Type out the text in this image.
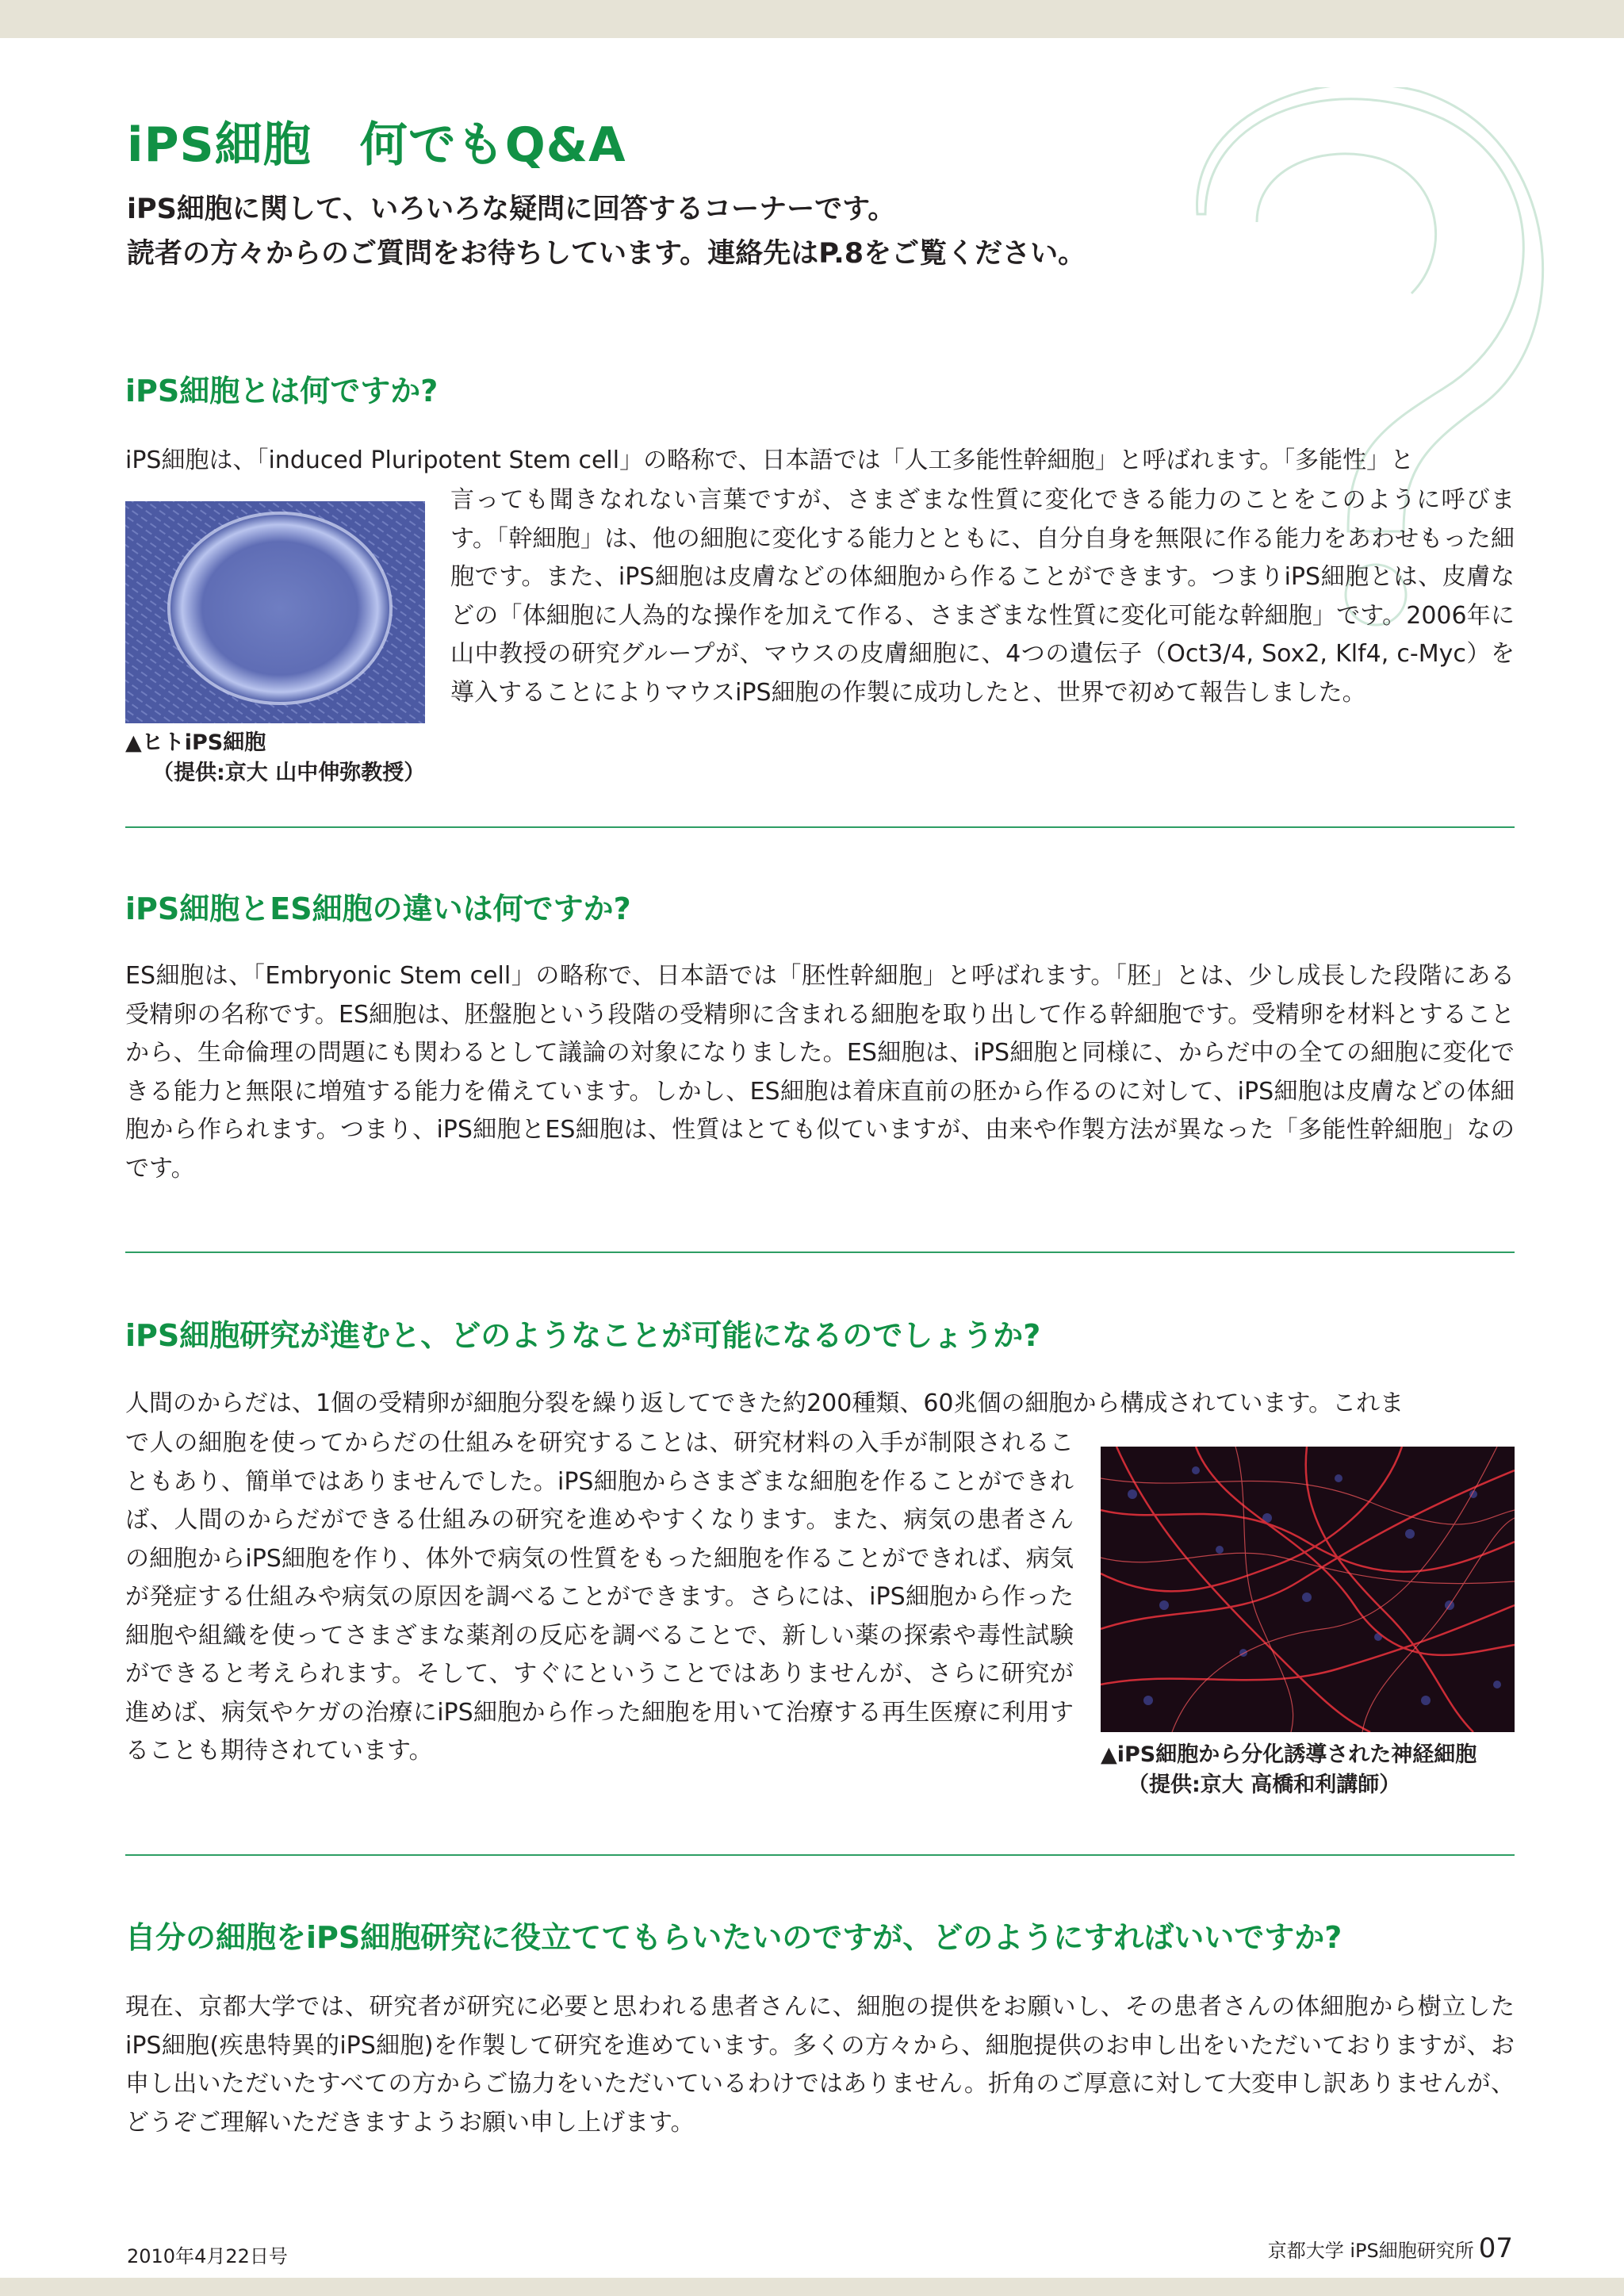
iPS細胞　何でもQ&A

iPS細胞に関して、いろいろな疑問に回答するコーナーです。

読者の方々からのご質問をお待ちしています。連絡先はP.8をご覧ください。

iPS細胞とは何ですか?

iPS細胞は、「induced Pluripotent Stem cell」の略称で、日本語では「人工多能性幹細胞」と呼ばれます。「多能性」と

言っても聞きなれない言葉ですが、さまざまな性質に変化できる能力のことをこのように呼びます。「幹細胞」は、他の細胞に変化する能力とともに、自分自身を無限に作る能力をあわせもった細胞です。また、iPS細胞は皮膚などの体細胞から作ることができます。つまりiPS細胞とは、皮膚などの「体細胞に人為的な操作を加えて作る、さまざまな性質に変化可能な幹細胞」です。2006年に山中教授の研究グループが、マウスの皮膚細胞に、4つの遺伝子（Oct3/4, Sox2, Klf4, c-Myc）を導入することによりマウスiPS細胞の作製に成功したと、世界で初めて報告しました。

▲ヒトiPS細胞
（提供:京大 山中伸弥教授）
iPS細胞とES細胞の違いは何ですか?

ES細胞は、「Embryonic Stem cell」の略称で、日本語では「胚性幹細胞」と呼ばれます。「胚」とは、少し成長した段階にある受精卵の名称です。ES細胞は、胚盤胞という段階の受精卵に含まれる細胞を取り出して作る幹細胞です。受精卵を材料とすることから、生命倫理の問題にも関わるとして議論の対象になりました。ES細胞は、iPS細胞と同様に、からだ中の全ての細胞に変化できる能力と無限に増殖する能力を備えています。しかし、ES細胞は着床直前の胚から作るのに対して、iPS細胞は皮膚などの体細胞から作られます。つまり、iPS細胞とES細胞は、性質はとても似ていますが、由来や作製方法が異なった「多能性幹細胞」なのです。

iPS細胞研究が進むと、どのようなことが可能になるのでしょうか?

人間のからだは、1個の受精卵が細胞分裂を繰り返してできた約200種類、60兆個の細胞から構成されています。これま

で人の細胞を使ってからだの仕組みを研究することは、研究材料の入手が制限されることもあり、簡単ではありませんでした。iPS細胞からさまざまな細胞を作ることができれば、人間のからだができる仕組みの研究を進めやすくなります。また、病気の患者さんの細胞からiPS細胞を作り、体外で病気の性質をもった細胞を作ることができれば、病気が発症する仕組みや病気の原因を調べることができます。さらには、iPS細胞から作った細胞や組織を使ってさまざまな薬剤の反応を調べることで、新しい薬の探索や毒性試験ができると考えられます。そして、すぐにということではありませんが、さらに研究が進めば、病気やケガの治療にiPS細胞から作った細胞を用いて治療する再生医療に利用することも期待されています。	▲iPS細胞から分化誘導された神経細胞
（提供:京大 高橋和利講師）
自分の細胞をiPS細胞研究に役立ててもらいたいのですが、どのようにすればいいですか?

現在、京都大学では、研究者が研究に必要と思われる患者さんに、細胞の提供をお願いし、その患者さんの体細胞から樹立したiPS細胞(疾患特異的iPS細胞)を作製して研究を進めています。多くの方々から、細胞提供のお申し出をいただいておりますが、お申し出いただいたすべての方からご協力をいただいているわけではありません。折角のご厚意に対して大変申し訳ありませんが、どうぞご理解いただきますようお願い申し上げます。

2010年4月22日号	京都大学 iPS細胞研究所 07
